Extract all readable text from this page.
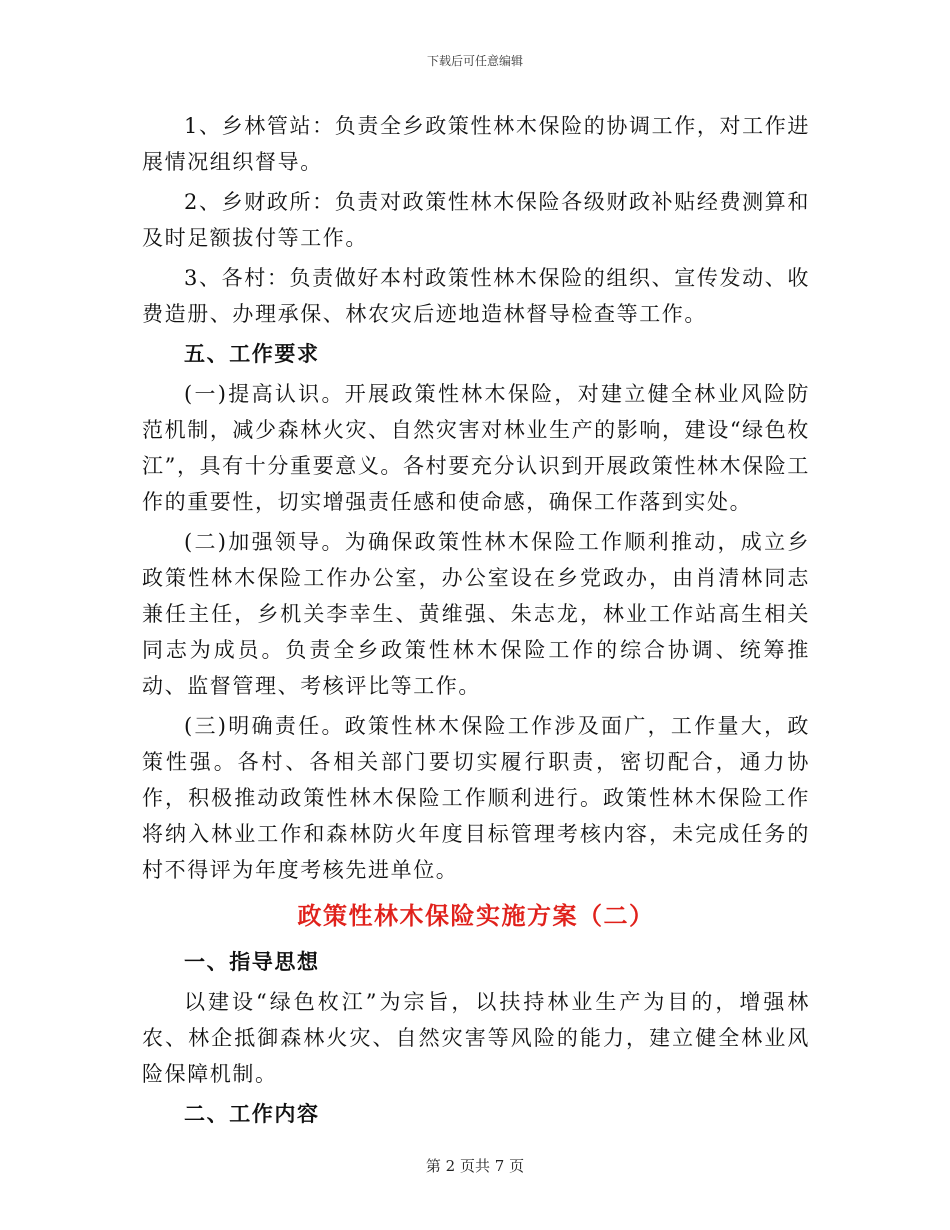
下载后可任意编辑

1、乡林管站：负责全乡政策性林木保险的协调工作，对工作进展情况组织督导。

2、乡财政所：负责对政策性林木保险各级财政补贴经费测算和及时足额拔付等工作。

3、各村：负责做好本村政策性林木保险的组织、宣传发动、收费造册、办理承保、林农灾后迹地造林督导检查等工作。

五、工作要求

(一)提高认识。开展政策性林木保险，对建立健全林业风险防范机制，减少森林火灾、自然灾害对林业生产的影响，建设“绿色枚江”，具有十分重要意义。各村要充分认识到开展政策性林木保险工作的重要性，切实增强责任感和使命感，确保工作落到实处。

(二)加强领导。为确保政策性林木保险工作顺利推动，成立乡政策性林木保险工作办公室，办公室设在乡党政办，由肖清林同志兼任主任，乡机关李幸生、黄维强、朱志龙，林业工作站高生相关同志为成员。负责全乡政策性林木保险工作的综合协调、统筹推动、监督管理、考核评比等工作。

(三)明确责任。政策性林木保险工作涉及面广，工作量大，政策性强。各村、各相关部门要切实履行职责，密切配合，通力协作，积极推动政策性林木保险工作顺利进行。政策性林木保险工作将纳入林业工作和森林防火年度目标管理考核内容，未完成任务的村不得评为年度考核先进单位。

政策性林木保险实施方案（二）

一、指导思想

以建设“绿色枚江”为宗旨，以扶持林业生产为目的，增强林农、林企抵御森林火灾、自然灾害等风险的能力，建立健全林业风险保障机制。

二、工作内容

第 2 页共 7 页
